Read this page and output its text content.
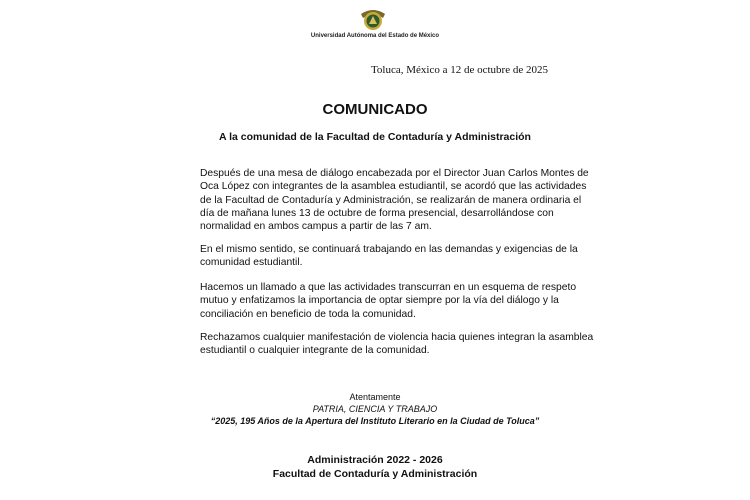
Universidad Autónoma del Estado de México
Toluca, México a 12 de octubre de 2025
COMUNICADO
A la comunidad de la Facultad de Contaduría y Administración
Después de una mesa de diálogo encabezada por el Director Juan Carlos Montes de
Oca López con integrantes de la asamblea estudiantil, se acordó que las actividades
de la Facultad de Contaduría y Administración, se realizarán de manera ordinaria el
día de mañana lunes 13 de octubre de forma presencial, desarrollándose con
normalidad en ambos campus a partir de las 7 am.
En el mismo sentido, se continuará trabajando en las demandas y exigencias de la
comunidad estudiantil.
Hacemos un llamado a que las actividades transcurran en un esquema de respeto
mutuo y enfatizamos la importancia de optar siempre por la vía del diálogo y la
conciliación en beneficio de toda la comunidad.
Rechazamos cualquier manifestación de violencia hacia quienes integran la asamblea
estudiantil o cualquier integrante de la comunidad.
Atentamente
PATRIA, CIENCIA Y TRABAJO
“2025, 195 Años de la Apertura del Instituto Literario en la Ciudad de Toluca”
Administración 2022 - 2026
Facultad de Contaduría y Administración
